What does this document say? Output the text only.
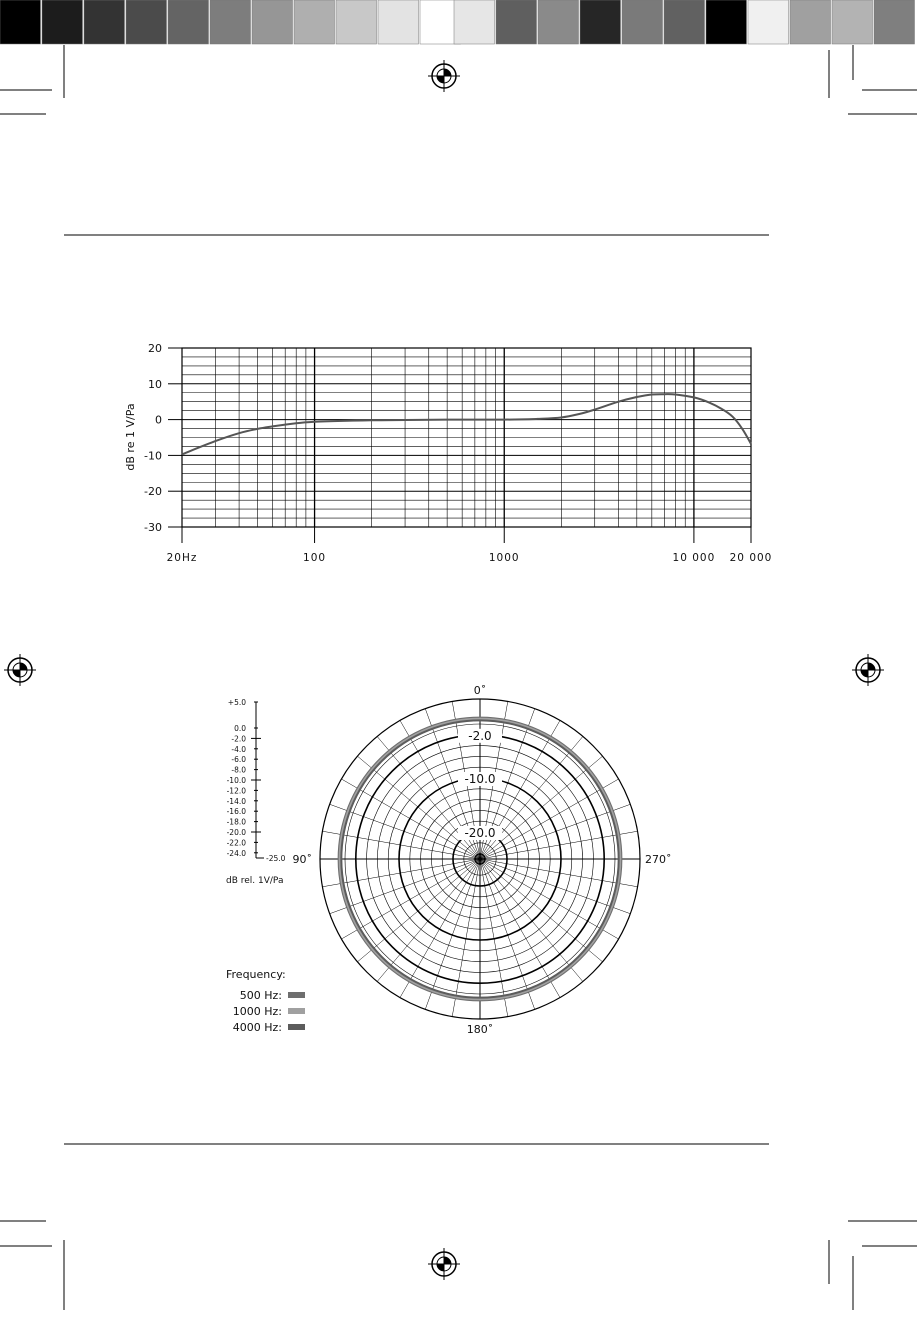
20
10
0
-10
-20
-30
20Hz	100	1000	10 000 20 000
dB re 1 V/Pa
0˚
90˚
180˚
270˚
-2.0
-10.0
-20.0
+5.0
0.0
-2.0
-4.0
-6.0
-8.0
-10.0
-12.0
-14.0
-16.0
-18.0
-20.0
-22.0
-24.0
-25.0
dB rel. 1V/Pa
Frequency:
500 Hz:
1000 Hz:
4000 Hz:
